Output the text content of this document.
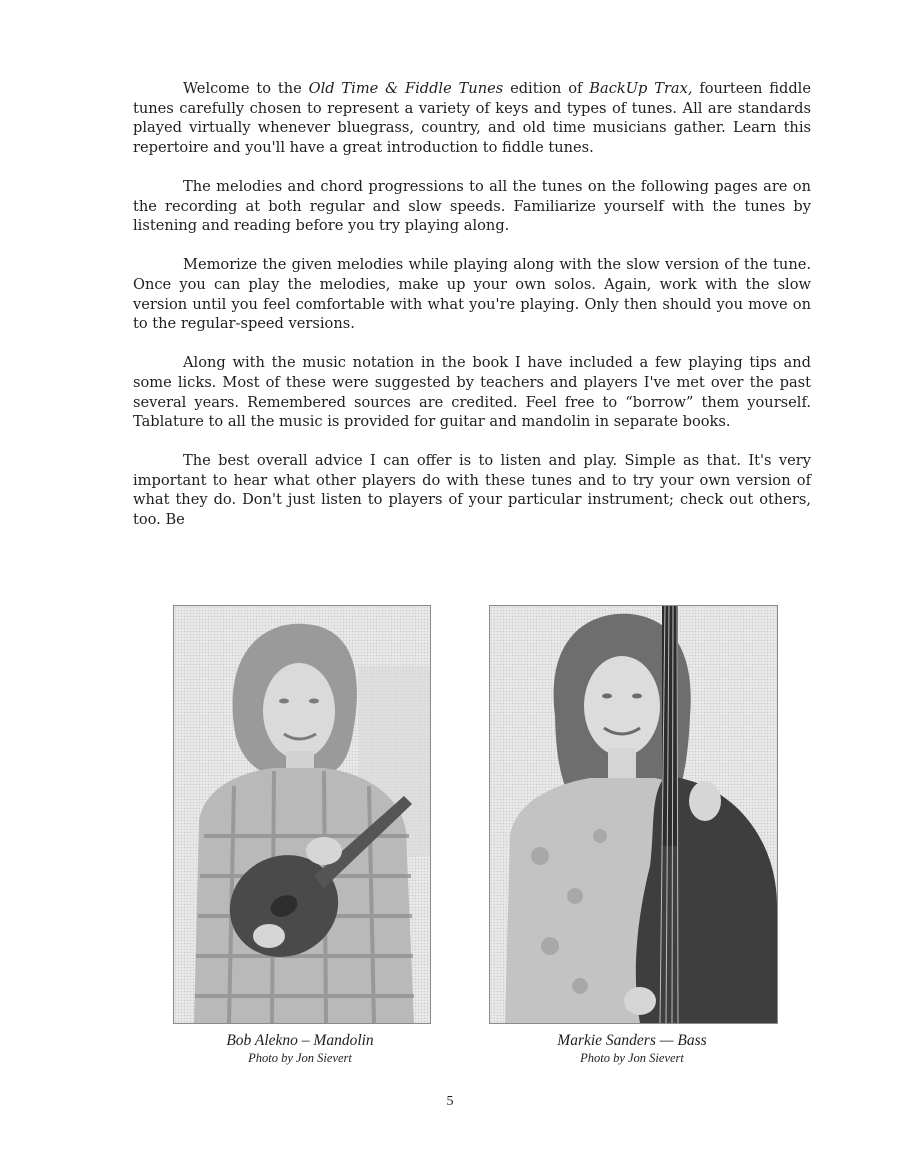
Welcome to the Old Time & Fiddle Tunes edition of BackUp Trax, fourteen fiddle tunes carefully chosen to represent a variety of keys and types of tunes. All are standards played virtually whenever bluegrass, country, and old time musicians gather. Learn this repertoire and you'll have a great introduction to fiddle tunes.

The melodies and chord progressions to all the tunes on the following pages are on the recording at both regular and slow speeds. Familiarize yourself with the tunes by listening and reading before you try playing along.

Memorize the given melodies while playing along with the slow version of the tune. Once you can play the melodies, make up your own solos. Again, work with the slow version until you feel comfortable with what you're playing. Only then should you move on to the regular-speed versions.

Along with the music notation in the book I have included a few playing tips and some licks. Most of these were suggested by teachers and players I've met over the past several years. Remembered sources are credited. Feel free to “borrow” them yourself. Tablature to all the music is provided for guitar and mandolin in separate books.

The best overall advice I can offer is to listen and play. Simple as that. It's very important to hear what other players do with these tunes and to try your own version of what they do. Don't just listen to players of your particular instrument; check out others, too. Be

Bob Alekno – Mandolin
Photo by Jon Sievert
Markie Sanders — Bass
Photo by Jon Sievert
5
